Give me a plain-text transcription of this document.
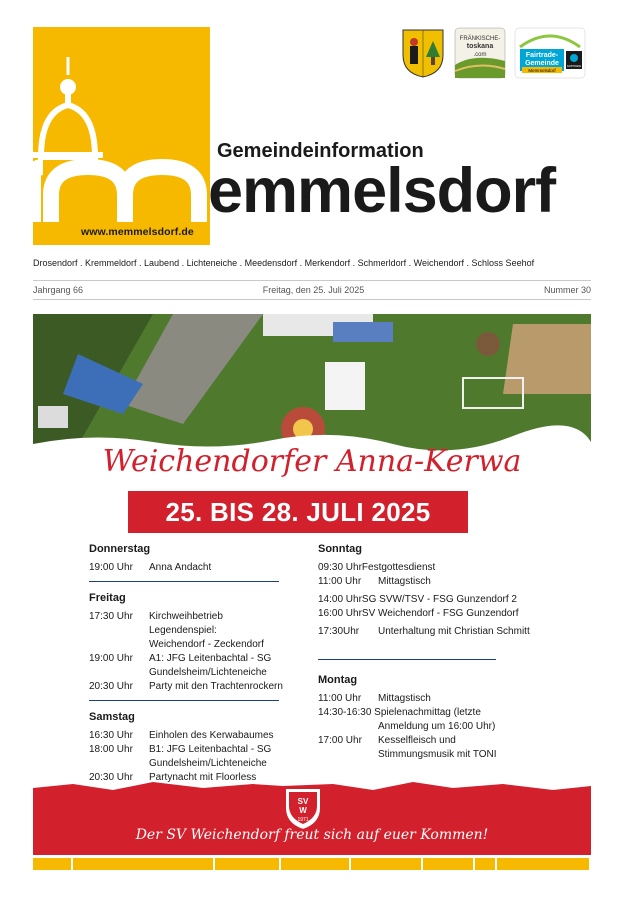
www.memmelsdorf.de
FRÄNKISCHE-
toskana
.com	Fairtrade-
Gemeinde
Memmelsdorf
FAIRTRADE
Gemeindeinformation
emmelsdorf
Drosendorf . Kremmeldorf . Laubend . Lichteneiche . Meedensdorf . Merkendorf . Schmerldorf . Weichendorf . Schloss Seehof
Jahrgang 66	Freitag, den 25. Juli 2025	Nummer 30
Weichendorfer Anna-Kerwa
25. BIS 28. JULI 2025
Donnerstag
19:00 Uhr	Anna Andacht
Freitag
17:30 Uhr	Kirchweihbetrieb
Legendenspiel:
Weichendorf - Zeckendorf
19:00 Uhr	A1: JFG Leitenbachtal - SG
Gundelsheim/Lichteneiche
20:30 Uhr	Party mit den Trachtenrockern
Samstag
16:30 Uhr	Einholen des Kerwabaumes
18:00 Uhr	B1: JFG Leitenbachtal - SG
Gundelsheim/Lichteneiche
20:30 Uhr	Partynacht mit Floorless
Sonntag
09:30 UhrFestgottesdienst
11:00 Uhr	Mittagstisch
14:00 UhrSG SVW/TSV - FSG Gunzendorf 2
16:00 UhrSV Weichendorf - FSG Gunzendorf
17:30Uhr	Unterhaltung mit Christian Schmitt
Montag
11:00 Uhr	Mittagstisch
14:30-16:30 Spielenachmittag (letzte
Anmeldung um 16:00 Uhr)
17:00 Uhr	Kesselfleisch und
Stimmungsmusik mit TONI
SV
W
1971
Der SV Weichendorf freut sich auf euer Kommen!
